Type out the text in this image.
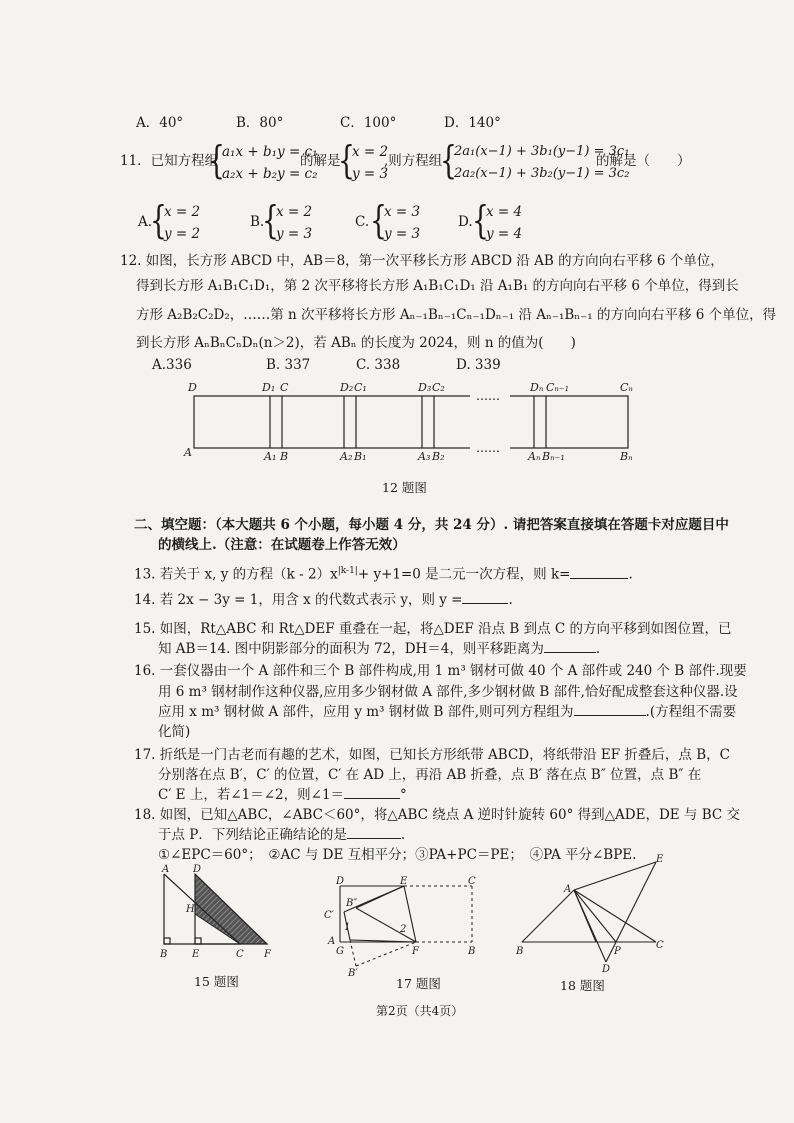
A．40°	B．80°	C．100°	D．140°
11．已知方程组
{
a₁x + b₁y = c₁
a₂x + b₂y = c₂
的解是
{
x = 2
y = 3
,则方程组
{
2a₁(x−1) + 3b₁(y−1) = 3c₁
2a₂(x−1) + 3b₂(y−1) = 3c₂
的解是（　　）
A.
{
x = 2
y = 2
B.
{
x = 2
y = 3
C. {
x = 3
y = 3
D. {
x = 4
y = 4
12. 如图，长方形 ABCD 中，AB＝8，第一次平移长方形 ABCD 沿 AB 的方向向右平移 6 个单位，
得到长方形 A₁B₁C₁D₁，第 2 次平移将长方形 A₁B₁C₁D₁ 沿 A₁B₁ 的方向向右平移 6 个单位，得到长
方形 A₂B₂C₂D₂，……第 n 次平移将长方形 Aₙ₋₁Bₙ₋₁Cₙ₋₁Dₙ₋₁ 沿 Aₙ₋₁Bₙ₋₁ 的方向向右平移 6 个单位，得
到长方形 AₙBₙCₙDₙ(n＞2)，若 ABₙ 的长度为 2024，则 n 的值为(　　)
A.336	B. 337	C. 338	D. 339
……
……
D	D₁ C	D₂ C₁	D₃ C₂	Dₙ Cₙ₋₁	Cₙ
A	A₁ B	A₂ B₁	A₃ B₂	Aₙ Bₙ₋₁	Bₙ
12 题图
二、填空题：（本大题共 6 个小题，每小题 4 分，共 24 分）. 请把答案直接填在答题卡对应题目中
的横线上.（注意：在试题卷上作答无效）
13. 若关于 x, y 的方程$(k - 2)x^{|k-1|}+ y+1=0$ 是二元一次方程，则 k=	.
14. 若 2x − 3y = 1，用含 x 的代数式表示 y，则 y =	.
15. 如图，Rt△ABC 和 Rt△DEF 重叠在一起，将△DEF 沿点 B 到点 C 的方向平移到如图位置，已
知 AB＝14. 图中阴影部分的面积为 72，DH＝4，则平移距离为	.
16. 一套仪器由一个 A 部件和三个 B 部件构成,用 1 m³ 钢材可做 40 个 A 部件或 240 个 B 部件.现要
用 6 m³ 钢材制作这种仪器,应用多少钢材做 A 部件,多少钢材做 B 部件,恰好配成整套这种仪器.设
应用 x m³ 钢材做 A 部件，应用 y m³ 钢材做 B 部件,则可列方程组为	.(方程组不需要
化简)
17. 折纸是一门古老而有趣的艺术，如图，已知长方形纸带 ABCD，将纸带沿 EF 折叠后，点 B，C
分别落在点 B′，C′ 的位置，C′ 在 AD 上，再沿 AB 折叠，点 B′ 落在点 B″ 位置，点 B″ 在
C′ E 上，若∠1＝∠2，则∠1＝	°
18. 如图，已知△ABC，∠ABC＜60°，将△ABC 绕点 A 逆时针旋转 60° 得到△ADE，DE 与 BC 交
于点 P．下列结论正确结论的是	.
①∠EPC＝60°；　②AC 与 DE 互相平分；③PA+PC＝PE；　④PA 平分∠BPE.
A D
H
B E	C F
15 题图
D	E	C
C′
B″
1	2
A
G	F	B
B′
17 题图
E
A
B	P
C
D
18 题图
第2页（共4页）
